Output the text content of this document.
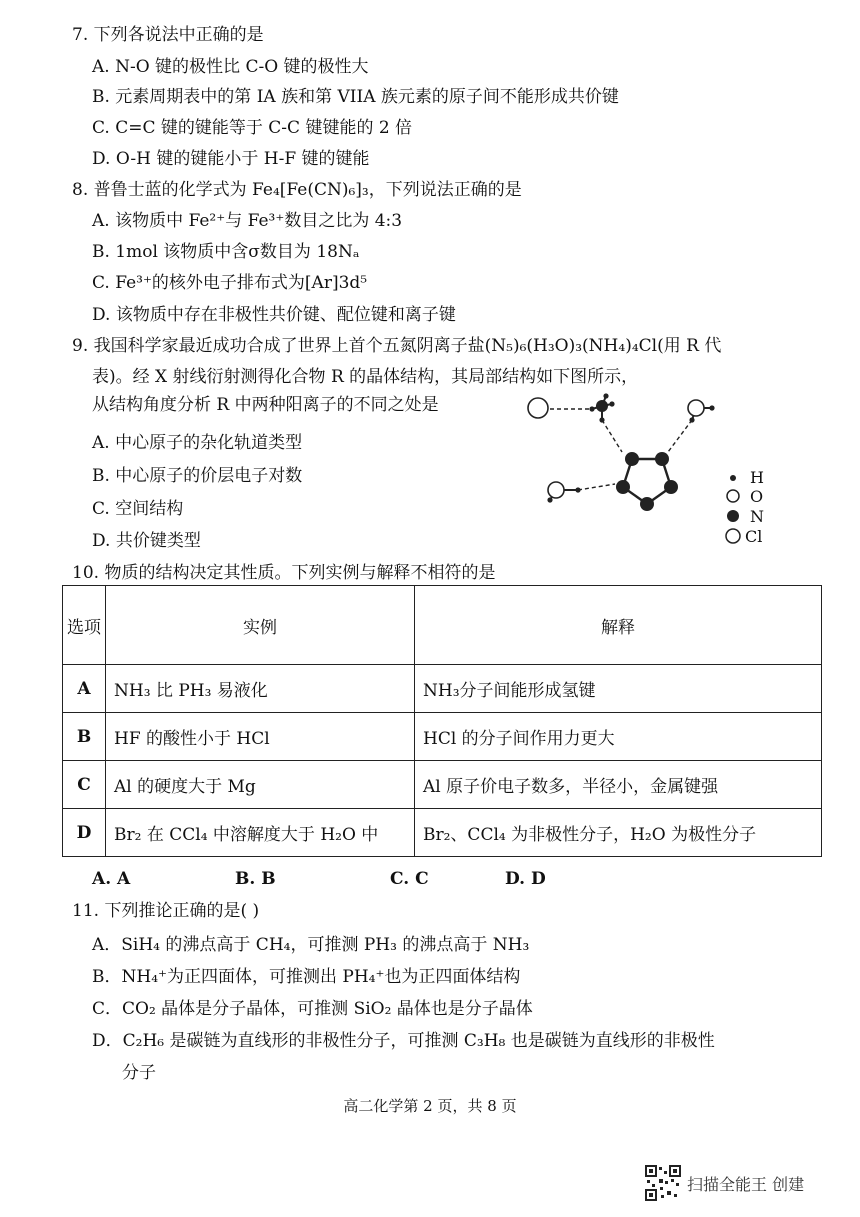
7. 下列各说法中正确的是
A. N-O 键的极性比 C-O 键的极性大
B. 元素周期表中的第 IA 族和第 VIIA 族元素的原子间不能形成共价键
C. C=C 键的键能等于 C-C 键键能的 2 倍
D. O-H 键的键能小于 H-F 键的键能
8. 普鲁士蓝的化学式为 Fe₄[Fe(CN)₆]₃，下列说法正确的是
A. 该物质中 Fe²⁺与 Fe³⁺数目之比为 4:3
B. 1mol 该物质中含σ数目为 18Nₐ
C. Fe³⁺的核外电子排布式为[Ar]3d⁵
D. 该物质中存在非极性共价键、配位键和离子键
9. 我国科学家最近成功合成了世界上首个五氮阴离子盐(N₅)₆(H₃O)₃(NH₄)₄Cl(用 R 代
表)。经 X 射线衍射测得化合物 R 的晶体结构，其局部结构如下图所示，
从结构角度分析 R 中两种阳离子的不同之处是
A. 中心原子的杂化轨道类型
B. 中心原子的价层电子对数
C. 空间结构
D. 共价键类型
H
O
N
Cl
10. 物质的结构决定其性质。下列实例与解释不相符的是
选项	实例	解释
A	NH₃ 比 PH₃ 易液化	NH₃分子间能形成氢键
B	HF 的酸性小于 HCl	HCl 的分子间作用力更大
C	Al 的硬度大于 Mg	Al 原子价电子数多，半径小，金属键强
D	Br₂ 在 CCl₄ 中溶解度大于 H₂O 中	Br₂、CCl₄ 为非极性分子，H₂O 为极性分子
A. A	B. B	C. C	D. D
11. 下列推论正确的是( )
A．SiH₄ 的沸点高于 CH₄，可推测 PH₃ 的沸点高于 NH₃
B．NH₄⁺为正四面体，可推测出 PH₄⁺也为正四面体结构
C．CO₂ 晶体是分子晶体，可推测 SiO₂ 晶体也是分子晶体
D．C₂H₆ 是碳链为直线形的非极性分子，可推测 C₃H₈ 也是碳链为直线形的非极性
分子
高二化学第 2 页，共 8 页
扫描全能王 创建
